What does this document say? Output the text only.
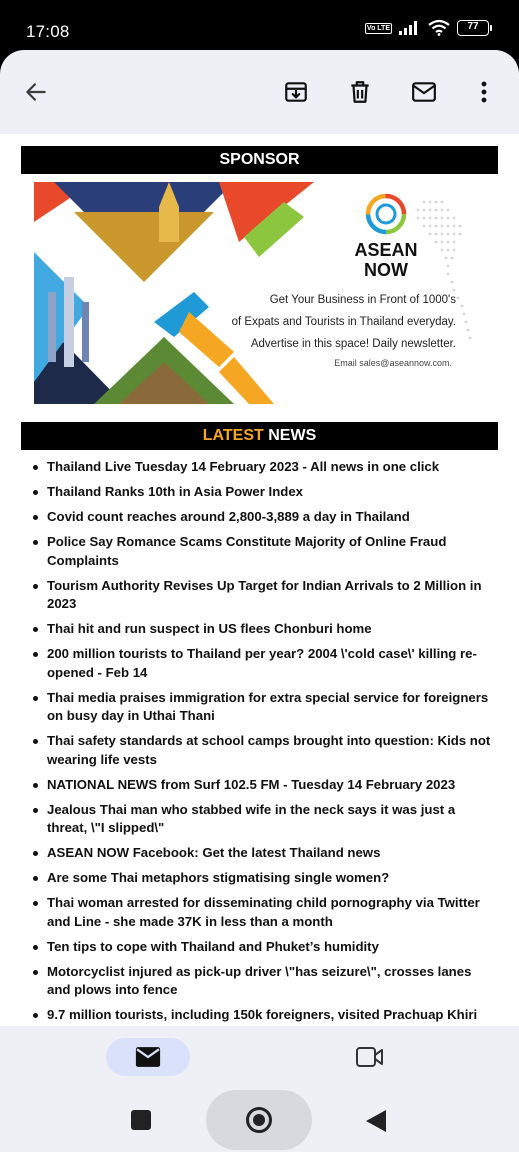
17:08	Vo LTE	77
SPONSOR
ASEAN
NOW
Get Your Business in Front of 1000's
of Expats and Tourists in Thailand everyday.
Advertise in this space! Daily newsletter.
Email sales@aseannow.com.
LATEST NEWS
Thailand Live Tuesday 14 February 2023 - All news in one click
Thailand Ranks 10th in Asia Power Index
Covid count reaches around 2,800-3,889 a day in Thailand
Police Say Romance Scams Constitute Majority of Online Fraud Complaints
Tourism Authority Revises Up Target for Indian Arrivals to 2 Million in 2023
Thai hit and run suspect in US flees Chonburi home
200 million tourists to Thailand per year? 2004 \'cold case\' killing re-opened - Feb 14
Thai media praises immigration for extra special service for foreigners on busy day in Uthai Thani
Thai safety standards at school camps brought into question: Kids not wearing life vests
NATIONAL NEWS from Surf 102.5 FM - Tuesday 14 February 2023
Jealous Thai man who stabbed wife in the neck says it was just a threat, \"I slipped\"
ASEAN NOW Facebook: Get the latest Thailand news
Are some Thai metaphors stigmatising single women?
Thai woman arrested for disseminating child pornography via Twitter and Line - she made 37K in less than a month
Ten tips to cope with Thailand and Phuket’s humidity
Motorcyclist injured as pick-up driver \"has seizure\", crosses lanes and plows into fence
9.7 million tourists, including 150k foreigners, visited Prachuap Khiri
